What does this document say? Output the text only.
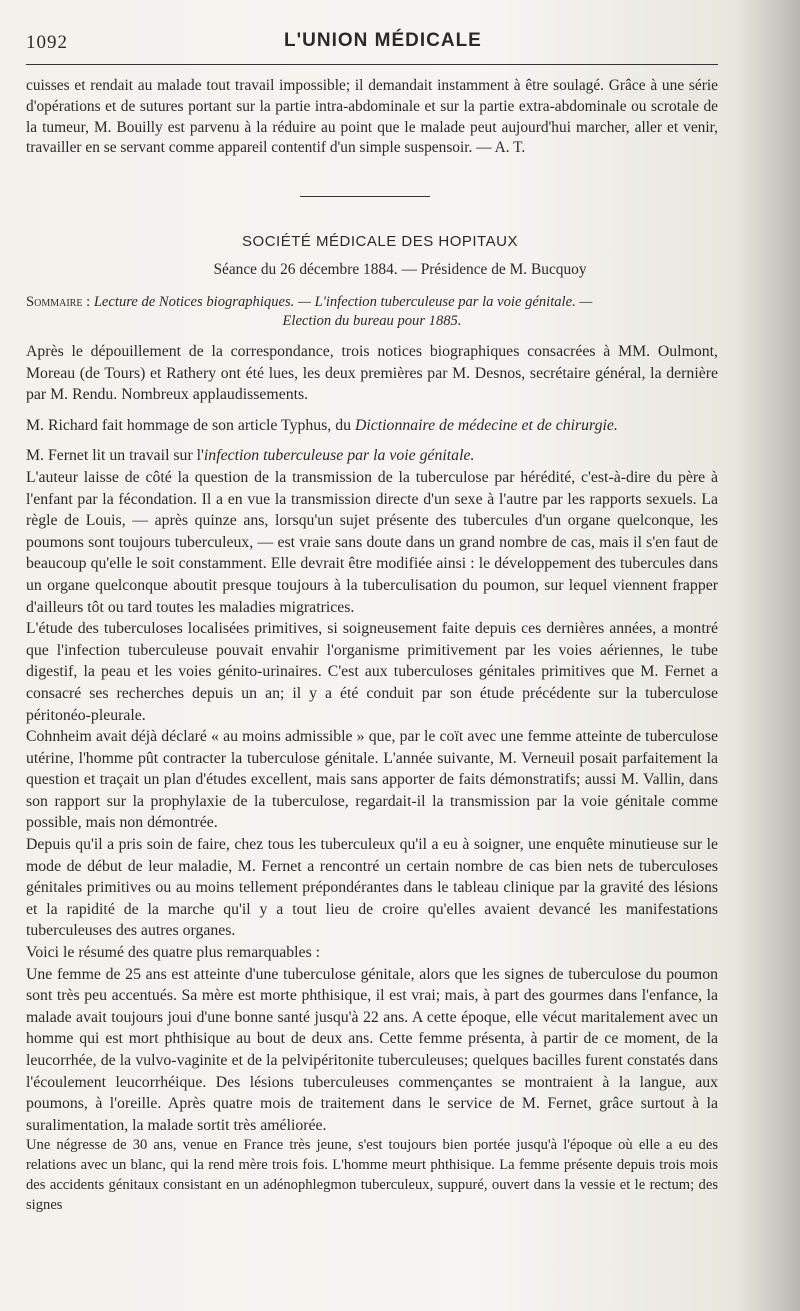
1092	L'UNION MÉDICALE

cuisses et rendait au malade tout travail impossible; il demandait instamment à être soulagé. Grâce à une série d'opérations et de sutures portant sur la partie intra-abdominale et sur la partie extra-abdominale ou scrotale de la tumeur, M. Bouilly est parvenu à la réduire au point que le malade peut aujourd'hui marcher, aller et venir, travailler en se servant comme appareil contentif d'un simple suspensoir. — A. T.

SOCIÉTÉ MÉDICALE DES HOPITAUX
Séance du 26 décembre 1884. — Présidence de M. Bucquoy
Sommaire : Lecture de Notices biographiques. — L'infection tuberculeuse par la voie génitale. —
Election du bureau pour 1885.

Après le dépouillement de la correspondance, trois notices biographiques consacrées à MM. Oulmont, Moreau (de Tours) et Rathery ont été lues, les deux premières par M. Desnos, secrétaire général, la dernière par M. Rendu. Nombreux applaudissements.

M. Richard fait hommage de son article Typhus, du Dictionnaire de médecine et de chirurgie.

M. Fernet lit un travail sur l'infection tuberculeuse par la voie génitale.

L'auteur laisse de côté la question de la transmission de la tuberculose par hérédité, c'est-à-dire du père à l'enfant par la fécondation. Il a en vue la transmission directe d'un sexe à l'autre par les rapports sexuels. La règle de Louis, — après quinze ans, lorsqu'un sujet présente des tubercules d'un organe quelconque, les poumons sont toujours tuberculeux, — est vraie sans doute dans un grand nombre de cas, mais il s'en faut de beaucoup qu'elle le soit constamment. Elle devrait être modifiée ainsi : le développement des tubercules dans un organe quelconque aboutit presque toujours à la tuberculisation du poumon, sur lequel viennent frapper d'ailleurs tôt ou tard toutes les maladies migratrices.

L'étude des tuberculoses localisées primitives, si soigneusement faite depuis ces dernières années, a montré que l'infection tuberculeuse pouvait envahir l'organisme primitivement par les voies aériennes, le tube digestif, la peau et les voies génito-urinaires. C'est aux tuberculoses génitales primitives que M. Fernet a consacré ses recherches depuis un an; il y a été conduit par son étude précédente sur la tuberculose péritonéo-pleurale.

Cohnheim avait déjà déclaré « au moins admissible » que, par le coït avec une femme atteinte de tuberculose utérine, l'homme pût contracter la tuberculose génitale. L'année suivante, M. Verneuil posait parfaitement la question et traçait un plan d'études excellent, mais sans apporter de faits démonstratifs; aussi M. Vallin, dans son rapport sur la prophylaxie de la tuberculose, regardait-il la transmission par la voie génitale comme possible, mais non démontrée.

Depuis qu'il a pris soin de faire, chez tous les tuberculeux qu'il a eu à soigner, une enquête minutieuse sur le mode de début de leur maladie, M. Fernet a rencontré un certain nombre de cas bien nets de tuberculoses génitales primitives ou au moins tellement prépondérantes dans le tableau clinique par la gravité des lésions et la rapidité de la marche qu'il y a tout lieu de croire qu'elles avaient devancé les manifestations tuberculeuses des autres organes.

Voici le résumé des quatre plus remarquables :

Une femme de 25 ans est atteinte d'une tuberculose génitale, alors que les signes de tuberculose du poumon sont très peu accentués. Sa mère est morte phthisique, il est vrai; mais, à part des gourmes dans l'enfance, la malade avait toujours joui d'une bonne santé jusqu'à 22 ans. A cette époque, elle vécut maritalement avec un homme qui est mort phthisique au bout de deux ans. Cette femme présenta, à partir de ce moment, de la leucorrhée, de la vulvo-vaginite et de la pelvipéritonite tuberculeuses; quelques bacilles furent constatés dans l'écoulement leucorrhéique. Des lésions tuberculeuses commençantes se montraient à la langue, aux poumons, à l'oreille. Après quatre mois de traitement dans le service de M. Fernet, grâce surtout à la suralimentation, la malade sortit très améliorée.

Une négresse de 30 ans, venue en France très jeune, s'est toujours bien portée jusqu'à l'époque où elle a eu des relations avec un blanc, qui la rend mère trois fois. L'homme meurt phthisique. La femme présente depuis trois mois des accidents génitaux consistant en un adénophlegmon tuberculeux, suppuré, ouvert dans la vessie et le rectum; des signes
